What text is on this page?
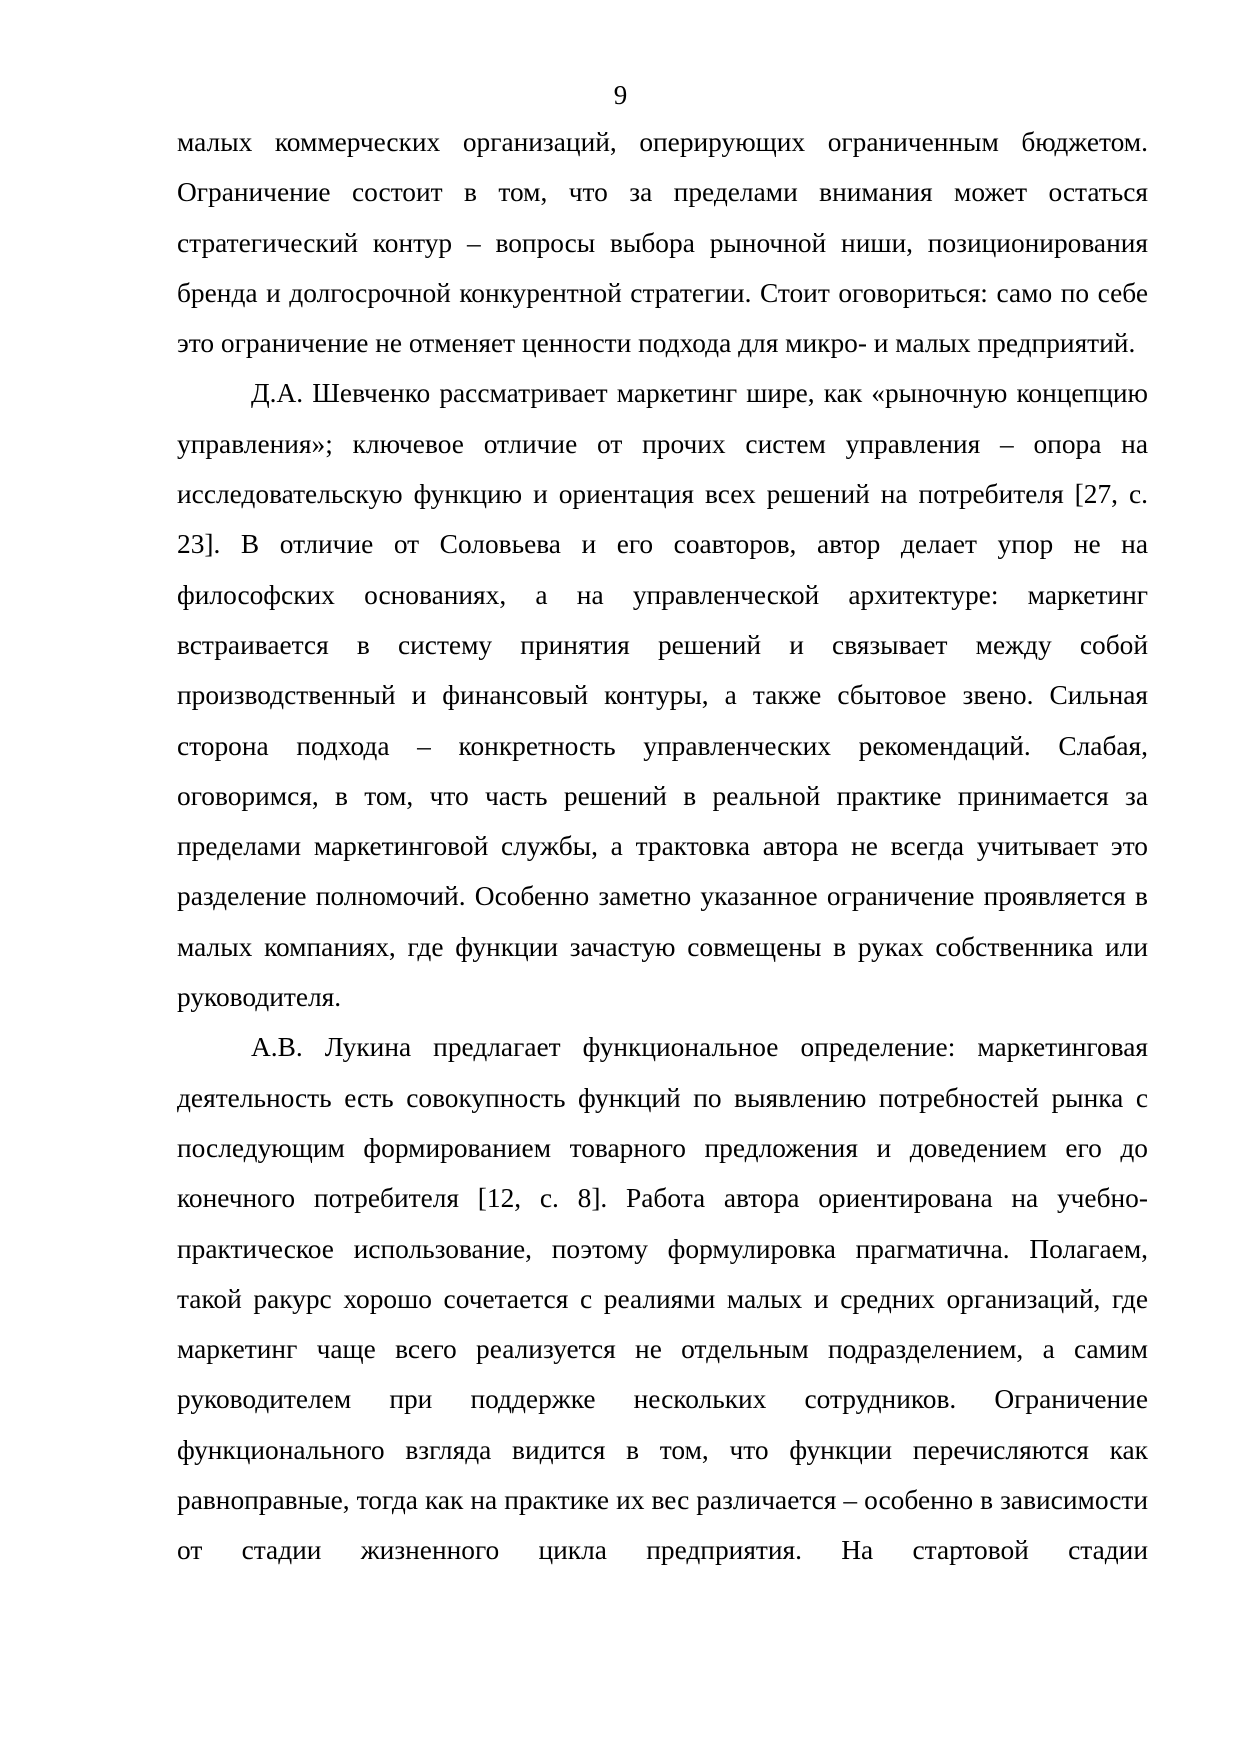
9

малых коммерческих организаций, оперирующих ограниченным бюджетом. Ограничение состоит в том, что за пределами внимания может остаться стратегический контур – вопросы выбора рыночной ниши, позиционирования бренда и долгосрочной конкурентной стратегии. Стоит оговориться: само по себе это ограничение не отменяет ценности подхода для микро- и малых предприятий.

Д.А. Шевченко рассматривает маркетинг шире, как «рыночную концепцию управления»; ключевое отличие от прочих систем управления – опора на исследовательскую функцию и ориентация всех решений на потребителя [27, с. 23]. В отличие от Соловьева и его соавторов, автор делает упор не на философских основаниях, а на управленческой архитектуре: маркетинг встраивается в систему принятия решений и связывает между собой производственный и финансовый контуры, а также сбытовое звено. Сильная сторона подхода – конкретность управленческих рекомендаций. Слабая, оговоримся, в том, что часть решений в реальной практике принимается за пределами маркетинговой службы, а трактовка автора не всегда учитывает это разделение полномочий. Особенно заметно указанное ограничение проявляется в малых компаниях, где функции зачастую совмещены в руках собственника или руководителя.

А.В. Лукина предлагает функциональное определение: маркетинговая деятельность есть совокупность функций по выявлению потребностей рынка с последующим формированием товарного предложения и доведением его до конечного потребителя [12, с. 8]. Работа автора ориентирована на учебно-практическое использование, поэтому формулировка прагматична. Полагаем, такой ракурс хорошо сочетается с реалиями малых и средних организаций, где маркетинг чаще всего реализуется не отдельным подразделением, а самим руководителем при поддержке нескольких сотрудников. Ограничение функционального взгляда видится в том, что функции перечисляются как равноправные, тогда как на практике их вес различается – особенно в зависимости от стадии жизненного цикла предприятия. На стартовой стадии
